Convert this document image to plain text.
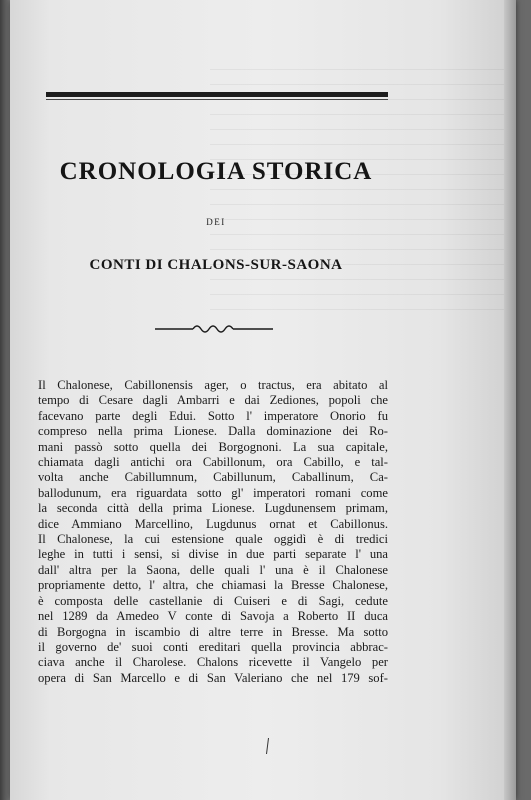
CRONOLOGIA STORICA
DEI
CONTI DI CHALONS-SUR-SAONA
Il Chalonese, Cabillonensis ager, o tractus, era abitato al
tempo di Cesare dagli Ambarri e dai Zediones, popoli che
facevano parte degli Edui. Sotto l' imperatore Onorio fu
compreso nella prima Lionese. Dalla dominazione dei Ro-
mani passò sotto quella dei Borgognoni. La sua capitale,
chiamata dagli antichi ora Cabillonum, ora Cabillo, e tal-
volta anche Cabillumnum, Cabillunum, Caballinum, Ca-
ballodunum, era riguardata sotto gl' imperatori romani come
la seconda città della prima Lionese. Lugdunensem primam,
dice Ammiano Marcellino, Lugdunus ornat et Cabillonus.
Il Chalonese, la cui estensione quale oggidì è di tredici
leghe in tutti i sensi, si divise in due parti separate l' una
dall' altra per la Saona, delle quali l' una è il Chalonese
propriamente detto, l' altra, che chiamasi la Bresse Chalonese,
è composta delle castellanie di Cuiseri e di Sagi, cedute
nel 1289 da Amedeo V conte di Savoja a Roberto II duca
di Borgogna in iscambio di altre terre in Bresse. Ma sotto
il governo de' suoi conti ereditari quella provincia abbrac-
ciava anche il Charolese. Chalons ricevette il Vangelo per
opera di San Marcello e di San Valeriano che nel 179 sof-
